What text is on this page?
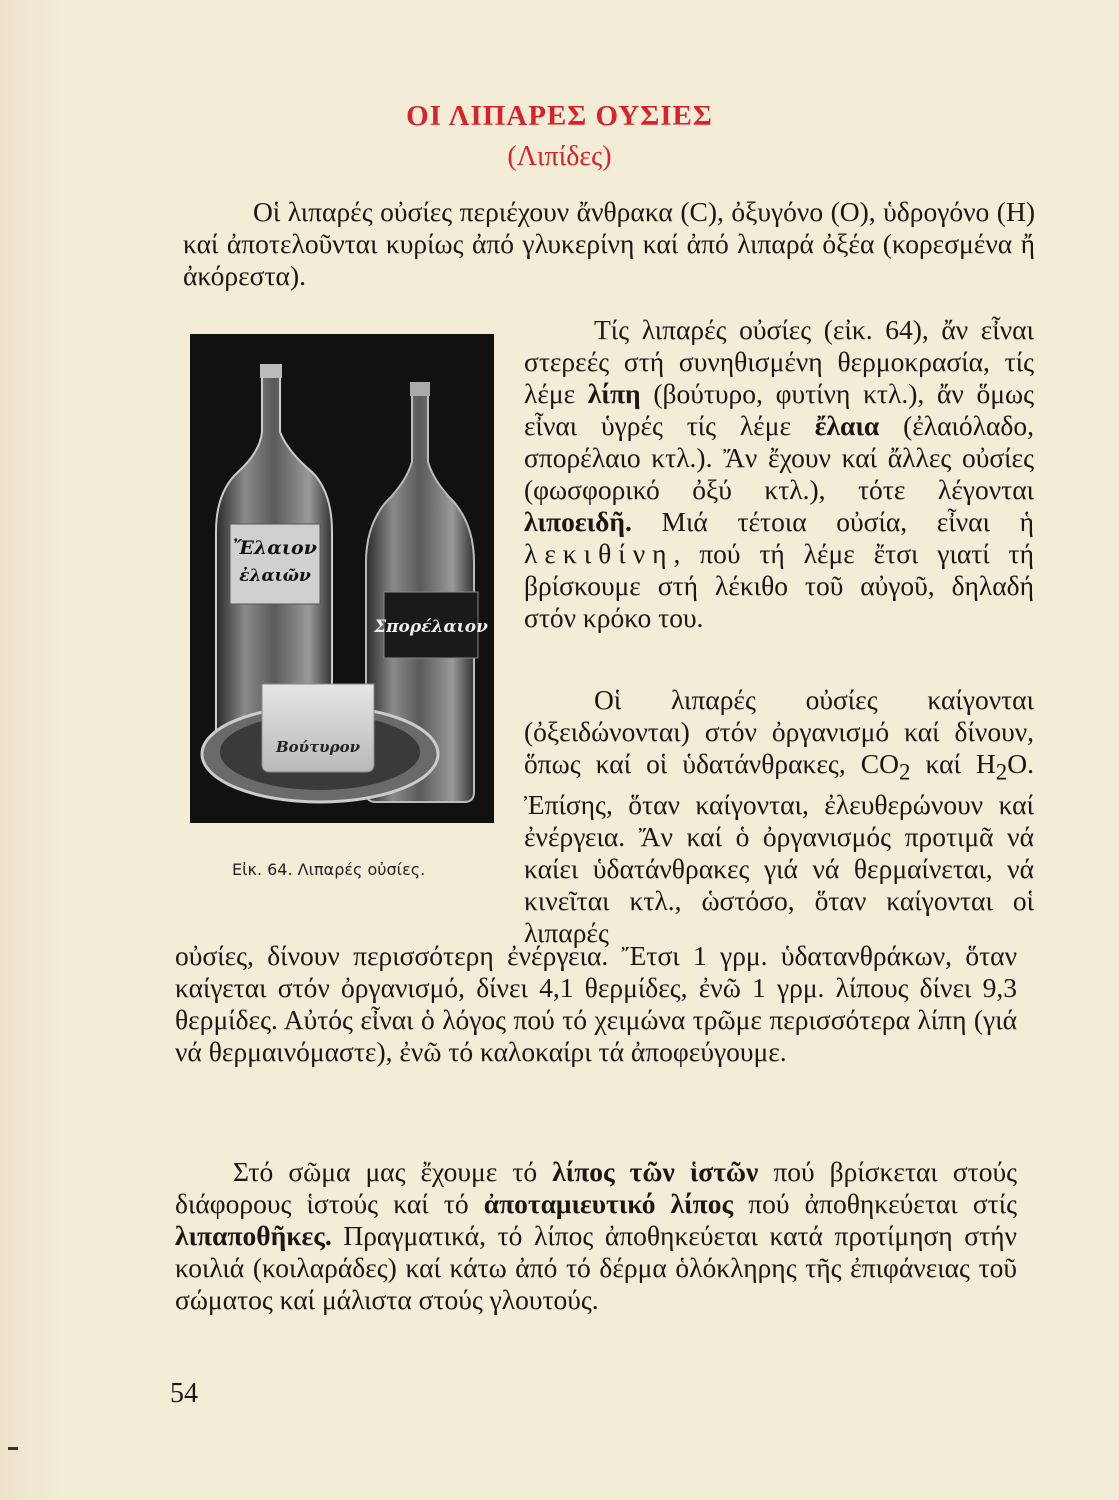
ΟΙ ΛΙΠΑΡΕΣ ΟΥΣΙΕΣ
(Λιπίδες)

Οἱ λιπαρές οὐσίες περιέχουν ἄνθρακα (C), ὀξυγόνο (O), ὑδρογόνο (H) καί ἀποτελοῦνται κυρίως ἀπό γλυκερίνη καί ἀπό λιπαρά ὀξέα (κορεσμένα ἤ ἀκόρεστα).

Τίς λιπαρές οὐσίες (εἰκ. 64), ἄν εἶναι στερεές στή συνηθισμένη θερμοκρασία, τίς λέμε λίπη (βούτυρο, φυτίνη κτλ.), ἄν ὅμως εἶναι ὑγρές τίς λέμε ἔλαια (ἐλαιόλαδο, σπορέλαιο κτλ.). Ἄν ἔχουν καί ἄλλες οὐσίες (φωσφορικό ὀξύ κτλ.), τότε λέγονται λιποειδῆ. Μιά τέτοια οὐσία, εἶναι ἡ λεκιθίνη, πού τή λέμε ἔτσι γιατί τή βρίσκουμε στή λέκιθο τοῦ αὐγοῦ, δηλαδή στόν κρόκο του.

Ἔλαιον
ἐλαιῶν
Σπορέλαιον
Βούτυρον
Εἰκ. 64. Λιπαρές οὐσίες.

Οἱ λιπαρές οὐσίες καίγονται (ὀξειδώνονται) στόν ὀργανισμό καί δίνουν, ὅπως καί οἱ ὑδατάνθρακες, $CO_2$ καί $H_2O$. Ἐπίσης, ὅταν καίγονται, ἐλευθερώνουν καί ἐνέργεια. Ἄν καί ὁ ὀργανισμός προτιμᾶ νά καίει ὑδατάνθρακες γιά νά θερμαίνεται, νά κινεῖται κτλ., ὡστόσο, ὅταν καίγονται οἱ λιπαρές

οὐσίες, δίνουν περισσότερη ἐνέργεια. Ἔτσι 1 γρμ. ὑδατανθράκων, ὅταν καίγεται στόν ὀργανισμό, δίνει 4,1 θερμίδες, ἐνῶ 1 γρμ. λίπους δίνει 9,3 θερμίδες. Αὐτός εἶναι ὁ λόγος πού τό χειμώνα τρῶμε περισσότερα λίπη (γιά νά θερμαινόμαστε), ἐνῶ τό καλοκαίρι τά ἀποφεύγουμε.

Στό σῶμα μας ἔχουμε τό λίπος τῶν ἱστῶν πού βρίσκεται στούς διάφορους ἱστούς καί τό ἀποταμιευτικό λίπος πού ἀποθηκεύεται στίς λιπαποθῆκες. Πραγματικά, τό λίπος ἀποθηκεύεται κατά προτίμηση στήν κοιλιά (κοιλαράδες) καί κάτω ἀπό τό δέρμα ὁλόκληρης τῆς ἐπιφάνειας τοῦ σώματος καί μάλιστα στούς γλουτούς.

54
